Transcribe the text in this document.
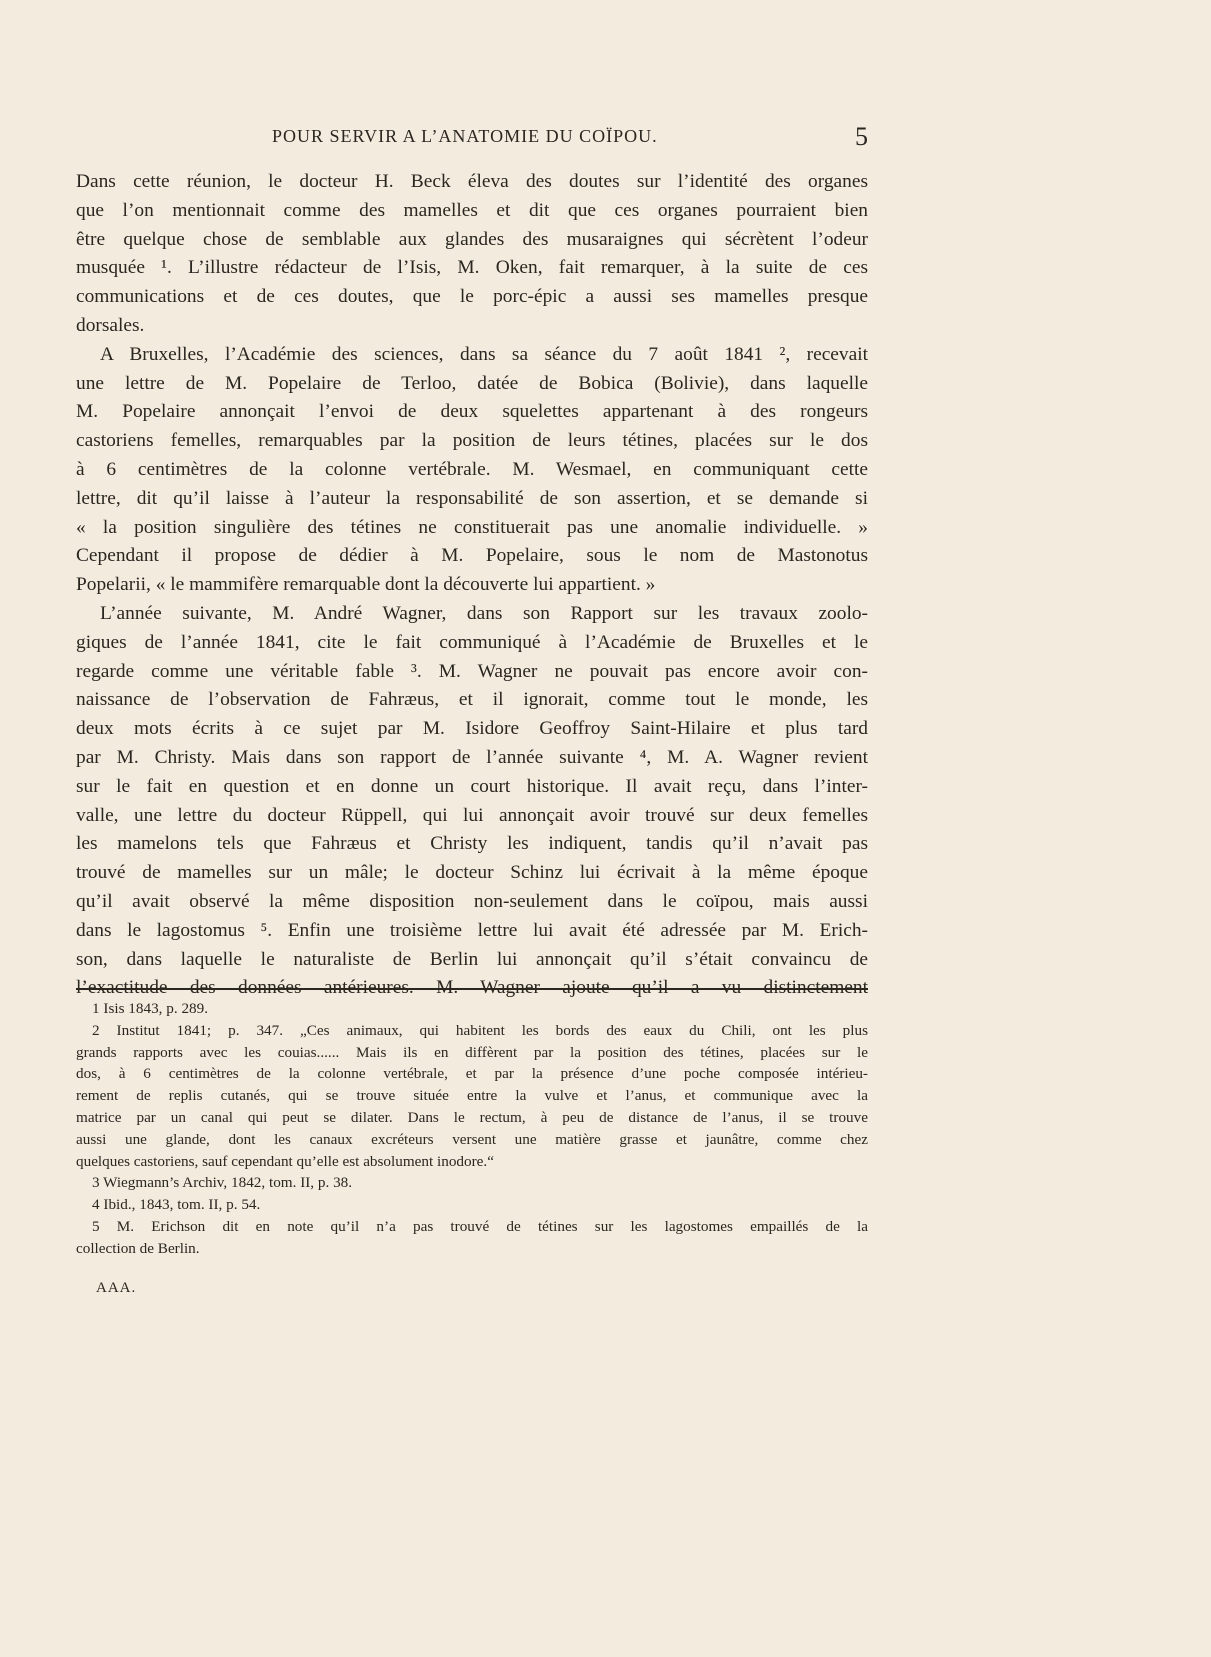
POUR SERVIR A L’ANATOMIE DU COÏPOU.	5
Dans cette réunion, le docteur H. Beck éleva des doutes sur l’identité des organes
que l’on mentionnait comme des mamelles et dit que ces organes pourraient bien
être quelque chose de semblable aux glandes des musaraignes qui sécrètent l’odeur
musquée ¹. L’illustre rédacteur de l’Isis, M. Oken, fait remarquer, à la suite de ces
communications et de ces doutes, que le porc-épic a aussi ses mamelles presque
dorsales.
A Bruxelles, l’Académie des sciences, dans sa séance du 7 août 1841 ², recevait
une lettre de M. Popelaire de Terloo, datée de Bobica (Bolivie), dans laquelle
M. Popelaire annonçait l’envoi de deux squelettes appartenant à des rongeurs
castoriens femelles, remarquables par la position de leurs tétines, placées sur le dos
à 6 centimètres de la colonne vertébrale. M. Wesmael, en communiquant cette
lettre, dit qu’il laisse à l’auteur la responsabilité de son assertion, et se demande si
« la position singulière des tétines ne constituerait pas une anomalie individuelle. »
Cependant il propose de dédier à M. Popelaire, sous le nom de Mastonotus
Popelarii, « le mammifère remarquable dont la découverte lui appartient. »
L’année suivante, M. André Wagner, dans son Rapport sur les travaux zoolo-
giques de l’année 1841, cite le fait communiqué à l’Académie de Bruxelles et le
regarde comme une véritable fable ³. M. Wagner ne pouvait pas encore avoir con-
naissance de l’observation de Fahræus, et il ignorait, comme tout le monde, les
deux mots écrits à ce sujet par M. Isidore Geoffroy Saint-Hilaire et plus tard
par M. Christy. Mais dans son rapport de l’année suivante ⁴, M. A. Wagner revient
sur le fait en question et en donne un court historique. Il avait reçu, dans l’inter-
valle, une lettre du docteur Rüppell, qui lui annonçait avoir trouvé sur deux femelles
les mamelons tels que Fahræus et Christy les indiquent, tandis qu’il n’avait pas
trouvé de mamelles sur un mâle; le docteur Schinz lui écrivait à la même époque
qu’il avait observé la même disposition non-seulement dans le coïpou, mais aussi
dans le lagostomus ⁵. Enfin une troisième lettre lui avait été adressée par M. Erich-
son, dans laquelle le naturaliste de Berlin lui annonçait qu’il s’était convaincu de
l’exactitude des données antérieures. M. Wagner ajoute qu’il a vu distinctement
1 Isis 1843, p. 289.
2 Institut 1841; p. 347. „Ces animaux, qui habitent les bords des eaux du Chili, ont les plus
grands rapports avec les couias...... Mais ils en diffèrent par la position des tétines, placées sur le
dos, à 6 centimètres de la colonne vertébrale, et par la présence d’une poche composée intérieu-
rement de replis cutanés, qui se trouve située entre la vulve et l’anus, et communique avec la
matrice par un canal qui peut se dilater. Dans le rectum, à peu de distance de l’anus, il se trouve
aussi une glande, dont les canaux excréteurs versent une matière grasse et jaunâtre, comme chez
quelques castoriens, sauf cependant qu’elle est absolument inodore.“
3 Wiegmann’s Archiv, 1842, tom. II, p. 38.
4 Ibid., 1843, tom. II, p. 54.
5 M. Erichson dit en note qu’il n’a pas trouvé de tétines sur les lagostomes empaillés de la
collection de Berlin.
AAA.
